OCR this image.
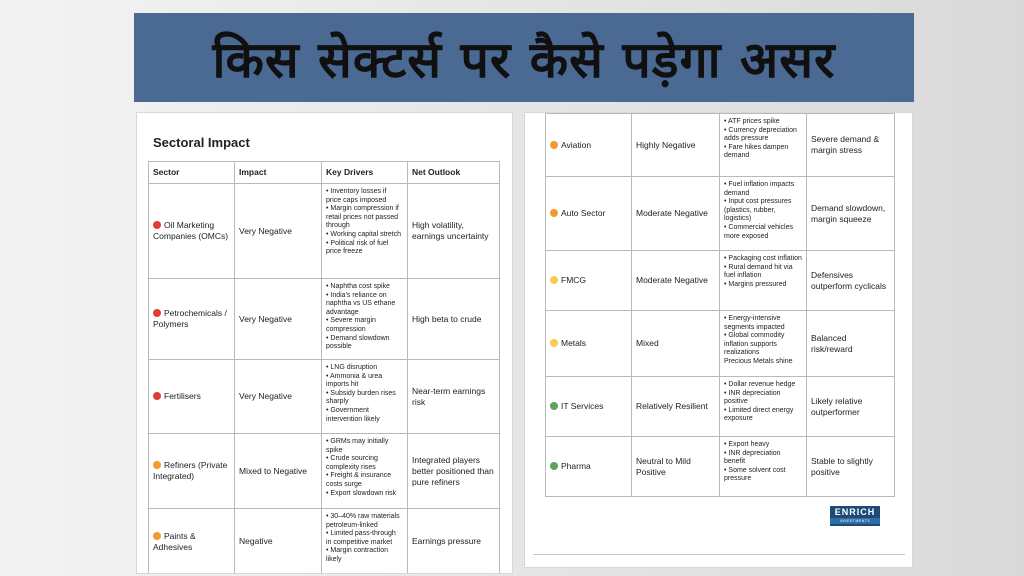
किस सेक्टर्स पर कैसे पड़ेगा असर
Sectoral Impact
Sector	Impact	Key Drivers	Net Outlook
Oil Marketing Companies (OMCs)	Very Negative	• Inventory losses if price caps imposed
• Margin compression if retail prices not passed through
• Working capital stretch
• Political risk of fuel price freeze	High volatility, earnings uncertainty
Petrochemicals / Polymers	Very Negative	• Naphtha cost spike
• India's reliance on naphtha vs US ethane advantage
• Severe margin compression
• Demand slowdown possible	High beta to crude
Fertilisers	Very Negative	• LNG disruption
• Ammonia & urea imports hit
• Subsidy burden rises sharply
• Government intervention likely	Near-term earnings risk
Refiners (Private Integrated)	Mixed to Negative	• GRMs may initially spike
• Crude sourcing complexity rises
• Freight & insurance costs surge
• Export slowdown risk	Integrated players better positioned than pure refiners
Paints & Adhesives	Negative	• 30–40% raw materials petroleum-linked
• Limited pass-through in competitive market
• Margin contraction likely	Earnings pressure
Aviation	Highly Negative	• ATF prices spike
• Currency depreciation adds pressure
• Fare hikes dampen demand	Severe demand & margin stress
Auto Sector	Moderate Negative	• Fuel inflation impacts demand
• Input cost pressures (plastics, rubber, logistics)
• Commercial vehicles more exposed	Demand slowdown, margin squeeze
FMCG	Moderate Negative	• Packaging cost inflation
• Rural demand hit via fuel inflation
• Margins pressured	Defensives outperform cyclicals
Metals	Mixed	• Energy-intensive segments impacted
• Global commodity inflation supports realizations
Precious Metals shine	Balanced risk/reward
IT Services	Relatively Resilient	• Dollar revenue hedge
• INR depreciation positive
• Limited direct energy exposure	Likely relative outperformer
Pharma	Neutral to Mild Positive	• Export heavy
• INR depreciation benefit
• Some solvent cost pressure	Stable to slightly positive
ENRICH
INVESTMENTS
